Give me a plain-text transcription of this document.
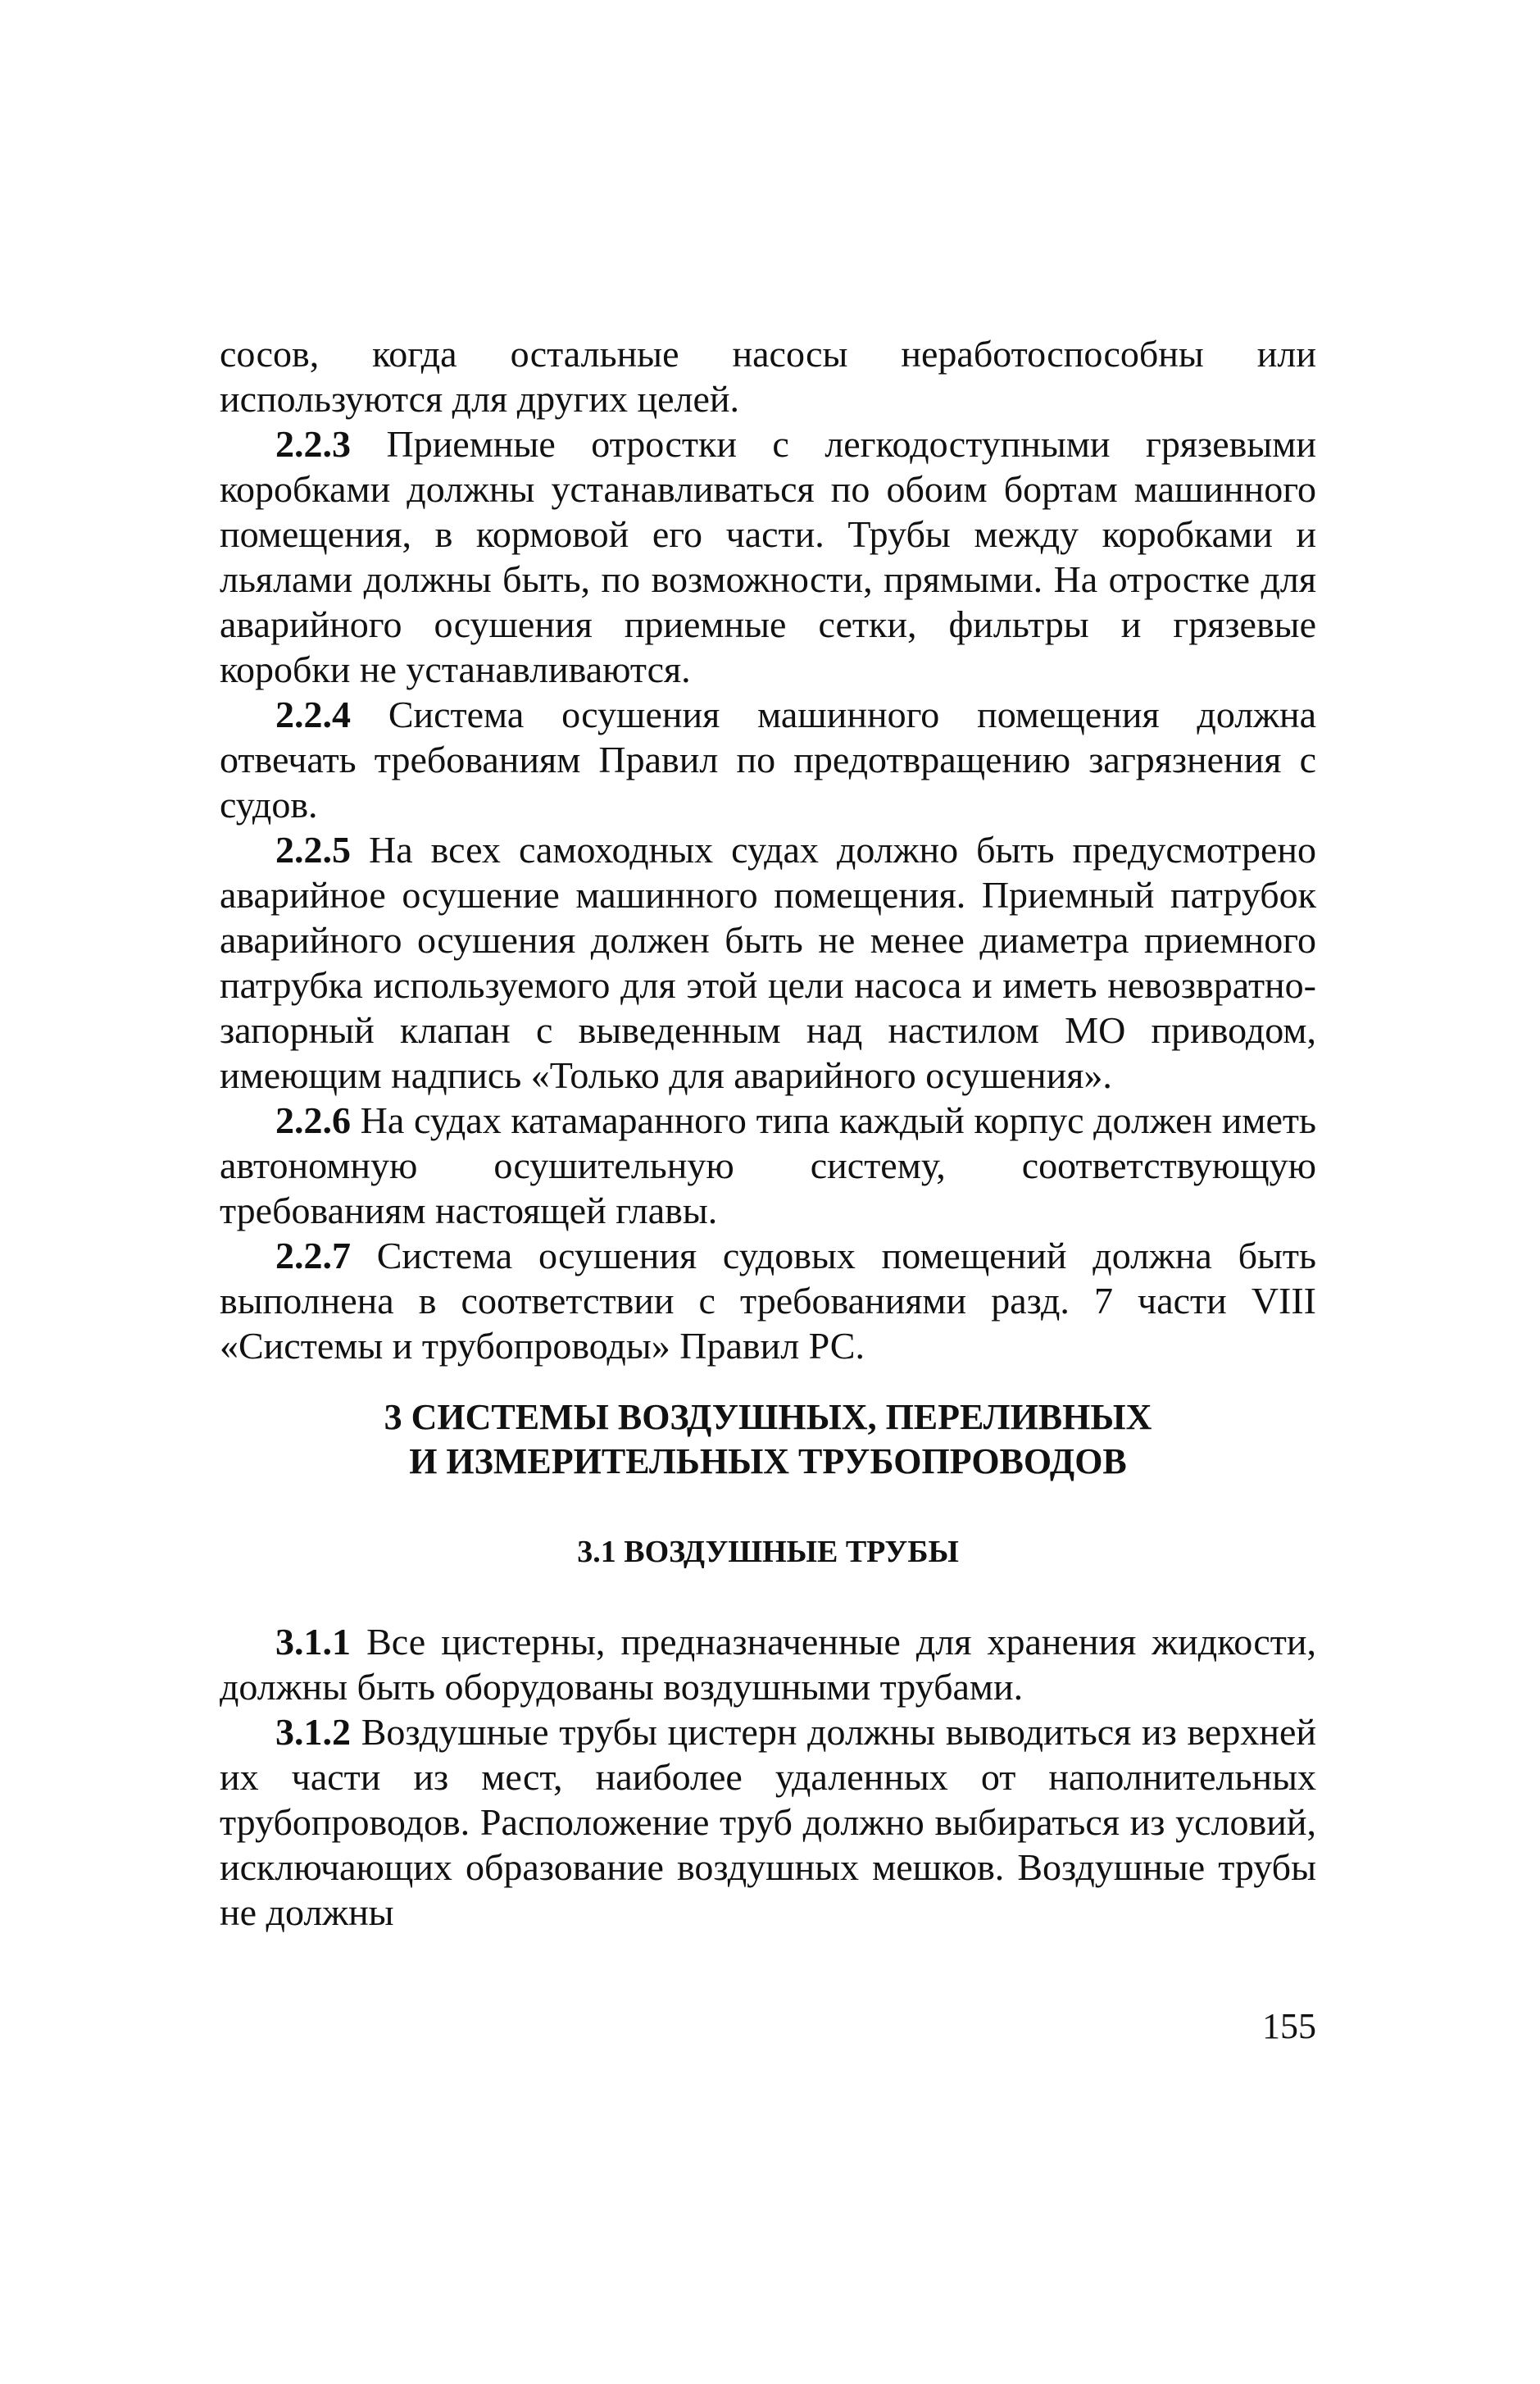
сосов, когда остальные насосы неработоспособны или используются для других целей.

2.2.3 Приемные отростки с легкодоступными грязевыми коробками должны устанавливаться по обоим бортам машинного помещения, в кормовой его части. Трубы между коробками и льялами должны быть, по возможности, прямыми. На отростке для аварийного осушения приемные сетки, фильтры и грязевые коробки не устанавливаются.

2.2.4 Система осушения машинного помещения должна отвечать требованиям Правил по предотвращению загрязнения с судов.

2.2.5 На всех самоходных судах должно быть предусмотрено аварийное осушение машинного помещения. Приемный патрубок аварийного осушения должен быть не менее диаметра приемного патрубка используемого для этой цели насоса и иметь невозвратно-запорный клапан с выведенным над настилом МО приводом, имеющим надпись «Только для аварийного осушения».

2.2.6 На судах катамаранного типа каждый корпус должен иметь автономную осушительную систему, соответствующую требованиям настоящей главы.

2.2.7 Система осушения судовых помещений должна быть выполнена в соответствии с требованиями разд. 7 части VIII «Системы и трубопроводы» Правил РС.

3 СИСТЕМЫ ВОЗДУШНЫХ, ПЕРЕЛИВНЫХ
И ИЗМЕРИТЕЛЬНЫХ ТРУБОПРОВОДОВ
3.1 ВОЗДУШНЫЕ ТРУБЫ

3.1.1 Все цистерны, предназначенные для хранения жидкости, должны быть оборудованы воздушными трубами.

3.1.2 Воздушные трубы цистерн должны выводиться из верхней их части из мест, наиболее удаленных от наполнительных трубопроводов. Расположение труб должно выбираться из условий, исключающих образование воздушных мешков. Воздушные трубы не должны

155
